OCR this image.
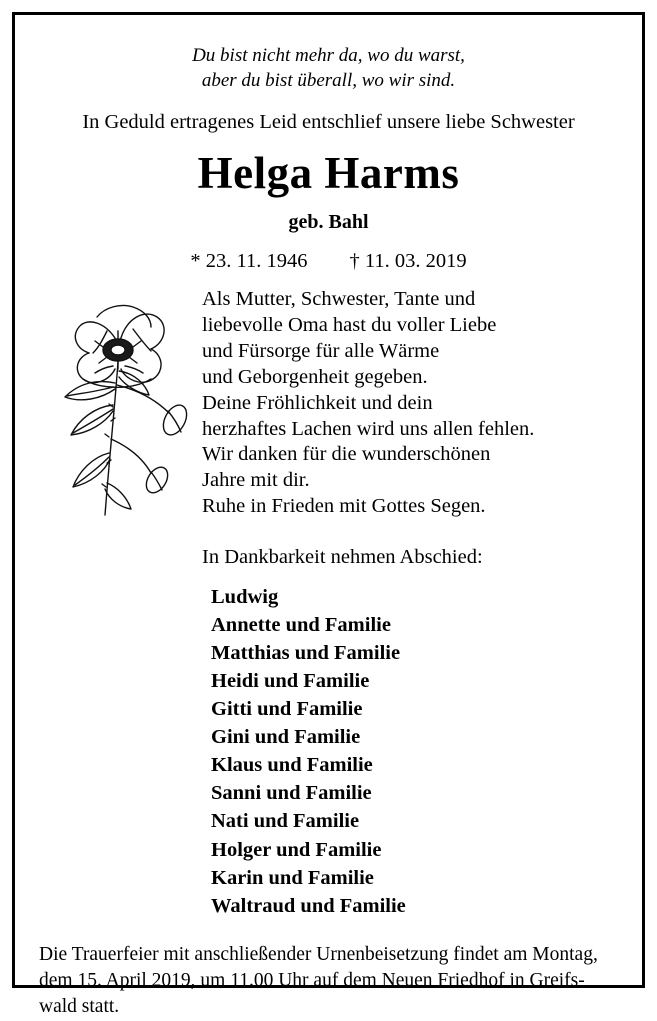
Du bist nicht mehr da, wo du warst,
aber du bist überall, wo wir sind.
In Geduld ertragenes Leid entschlief unsere liebe Schwester
Helga Harms
geb. Bahl
* 23. 11. 1946 † 11. 03. 2019
Als Mutter, Schwester, Tante und
liebevolle Oma hast du voller Liebe
und Fürsorge für alle Wärme
und Geborgenheit gegeben.
Deine Fröhlichkeit und dein
herzhaftes Lachen wird uns allen fehlen.
Wir danken für die wunderschönen
Jahre mit dir.
Ruhe in Frieden mit Gottes Segen.
In Dankbarkeit nehmen Abschied:
Ludwig
Annette und Familie
Matthias und Familie
Heidi und Familie
Gitti und Familie
Gini und Familie
Klaus und Familie
Sanni und Familie
Nati und Familie
Holger und Familie
Karin und Familie
Waltraud und Familie
Die Trauerfeier mit anschließender Urnenbeisetzung findet am Montag,
dem 15. April 2019, um 11.00 Uhr auf dem Neuen Friedhof in Greifs-
wald statt.
